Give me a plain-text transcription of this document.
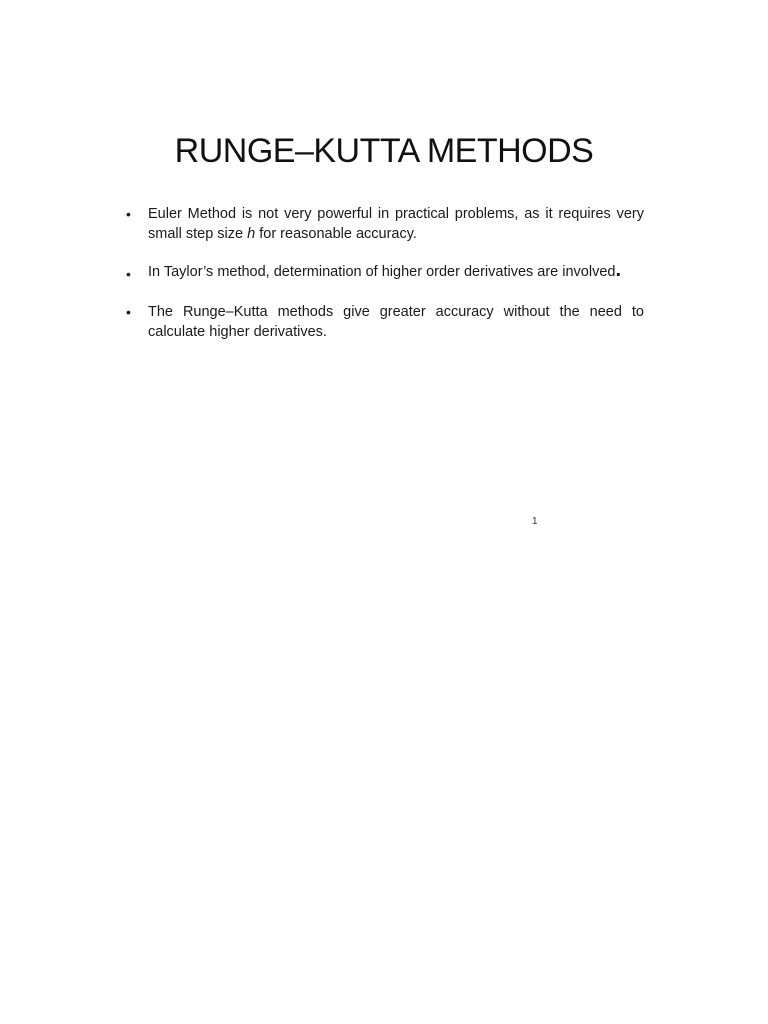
RUNGE–KUTTA METHODS
• Euler Method is not very powerful in practical problems, as it requires very small step size h for reasonable accuracy.
• In Taylor’s method, determination of higher order derivatives are involved.
• The Runge–Kutta methods give greater accuracy without the need to calculate higher derivatives.
1
